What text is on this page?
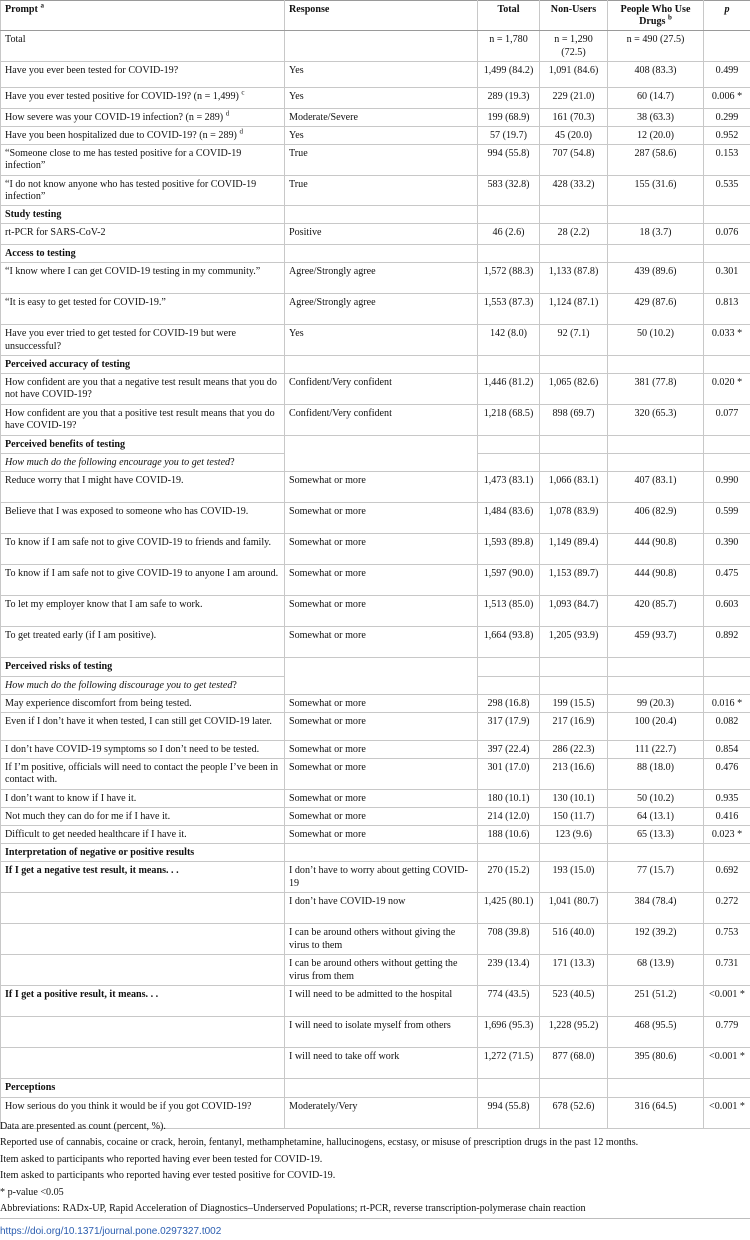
Prompt $^a$	Response	Total	Non-Users	People Who Use Drugs $^b$	p
Total		n = 1,780	n = 1,290 (72.5)	n = 490 (27.5)	
Have you ever been tested for COVID-19?	Yes	1,499 (84.2)	1,091 (84.6)	408 (83.3)	0.499
Have you ever tested positive for COVID-19? (n = 1,499) $^c$	Yes	289 (19.3)	229 (21.0)	60 (14.7)	0.006 *
How severe was your COVID-19 infection? (n = 289) $^d$	Moderate/Severe	199 (68.9)	161 (70.3)	38 (63.3)	0.299
Have you been hospitalized due to COVID-19? (n = 289) $^d$	Yes	57 (19.7)	45 (20.0)	12 (20.0)	0.952
“Someone close to me has tested positive for a COVID-19 infection”	True	994 (55.8)	707 (54.8)	287 (58.6)	0.153
“I do not know anyone who has tested positive for COVID-19 infection”	True	583 (32.8)	428 (33.2)	155 (31.6)	0.535
Study testing					
rt-PCR for SARS-CoV-2	Positive	46 (2.6)	28 (2.2)	18 (3.7)	0.076
Access to testing					
“I know where I can get COVID-19 testing in my community.”	Agree/Strongly agree	1,572 (88.3)	1,133 (87.8)	439 (89.6)	0.301
“It is easy to get tested for COVID-19.”	Agree/Strongly agree	1,553 (87.3)	1,124 (87.1)	429 (87.6)	0.813
Have you ever tried to get tested for COVID-19 but were unsuccessful?	Yes	142 (8.0)	92 (7.1)	50 (10.2)	0.033 *
Perceived accuracy of testing					
How confident are you that a negative test result means that you do not have COVID-19?	Confident/Very confident	1,446 (81.2)	1,065 (82.6)	381 (77.8)	0.020 *
How confident are you that a positive test result means that you do have COVID-19?	Confident/Very confident	1,218 (68.5)	898 (69.7)	320 (65.3)	0.077
Perceived benefits of testing					
How much do the following encourage you to get tested?					
Reduce worry that I might have COVID-19.	Somewhat or more	1,473 (83.1)	1,066 (83.1)	407 (83.1)	0.990
Believe that I was exposed to someone who has COVID-19.	Somewhat or more	1,484 (83.6)	1,078 (83.9)	406 (82.9)	0.599
To know if I am safe not to give COVID-19 to friends and family.	Somewhat or more	1,593 (89.8)	1,149 (89.4)	444 (90.8)	0.390
To know if I am safe not to give COVID-19 to anyone I am around.	Somewhat or more	1,597 (90.0)	1,153 (89.7)	444 (90.8)	0.475
To let my employer know that I am safe to work.	Somewhat or more	1,513 (85.0)	1,093 (84.7)	420 (85.7)	0.603
To get treated early (if I am positive).	Somewhat or more	1,664 (93.8)	1,205 (93.9)	459 (93.7)	0.892
Perceived risks of testing					
How much do the following discourage you to get tested?					
May experience discomfort from being tested.	Somewhat or more	298 (16.8)	199 (15.5)	99 (20.3)	0.016 *
Even if I don’t have it when tested, I can still get COVID-19 later.	Somewhat or more	317 (17.9)	217 (16.9)	100 (20.4)	0.082
I don’t have COVID-19 symptoms so I don’t need to be tested.	Somewhat or more	397 (22.4)	286 (22.3)	111 (22.7)	0.854
If I’m positive, officials will need to contact the people I’ve been in contact with.	Somewhat or more	301 (17.0)	213 (16.6)	88 (18.0)	0.476
I don’t want to know if I have it.	Somewhat or more	180 (10.1)	130 (10.1)	50 (10.2)	0.935
Not much they can do for me if I have it.	Somewhat or more	214 (12.0)	150 (11.7)	64 (13.1)	0.416
Difficult to get needed healthcare if I have it.	Somewhat or more	188 (10.6)	123 (9.6)	65 (13.3)	0.023 *
Interpretation of negative or positive results					
If I get a negative test result, it means. . .	I don’t have to worry about getting COVID-19	270 (15.2)	193 (15.0)	77 (15.7)	0.692
	I don’t have COVID-19 now	1,425 (80.1)	1,041 (80.7)	384 (78.4)	0.272
	I can be around others without giving the virus to them	708 (39.8)	516 (40.0)	192 (39.2)	0.753
	I can be around others without getting the virus from them	239 (13.4)	171 (13.3)	68 (13.9)	0.731
If I get a positive result, it means. . .	I will need to be admitted to the hospital	774 (43.5)	523 (40.5)	251 (51.2)	<0.001 *
	I will need to isolate myself from others	1,696 (95.3)	1,228 (95.2)	468 (95.5)	0.779
	I will need to take off work	1,272 (71.5)	877 (68.0)	395 (80.6)	<0.001 *
Perceptions					
How serious do you think it would be if you got COVID-19?	Moderately/Very	994 (55.8)	678 (52.6)	316 (64.5)	<0.001 *
Data are presented as count (percent, %).
Reported use of cannabis, cocaine or crack, heroin, fentanyl, methamphetamine, hallucinogens, ecstasy, or misuse of prescription drugs in the past 12 months.
Item asked to participants who reported having ever been tested for COVID-19.
Item asked to participants who reported having ever tested positive for COVID-19.
* p-value <0.05
Abbreviations: RADx-UP, Rapid Acceleration of Diagnostics–Underserved Populations; rt-PCR, reverse transcription-polymerase chain reaction
https://doi.org/10.1371/journal.pone.0297327.t002
